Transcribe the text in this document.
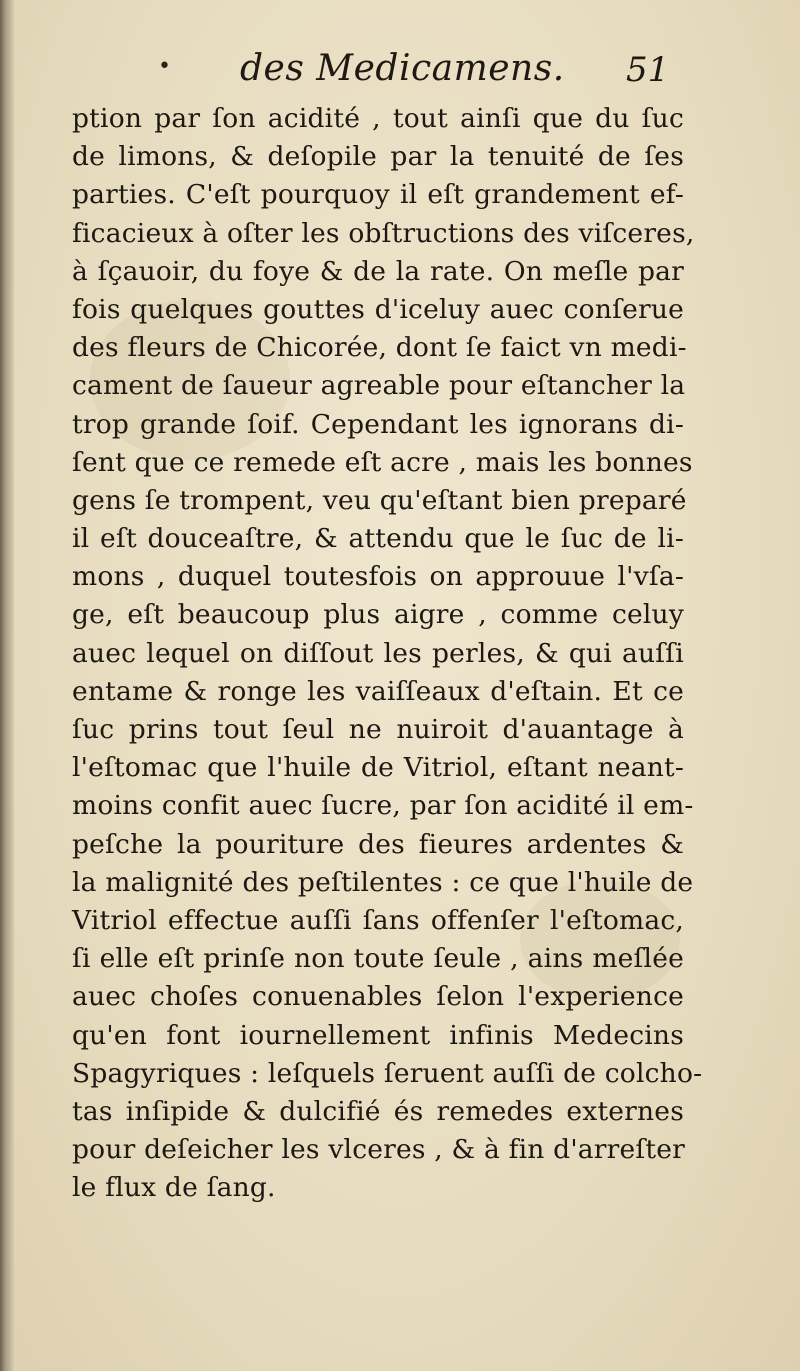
• des Medicamens. 51
ption par ſon acidité , tout ainſi que du ſuc
de limons, & deſopile par la tenuité de ſes
parties. C'eſt pourquoy il eſt grandement ef-
ficacieux à oſter les obſtructions des viſceres,
à ſçauoir, du foye & de la rate. On meſle par
fois quelques gouttes d'iceluy auec conſerue
des fleurs de Chicorée, dont ſe faict vn medi-
cament de ſaueur agreable pour eſtancher la
trop grande ſoif. Cependant les ignorans di-
ſent que ce remede eſt acre , mais les bonnes
gens ſe trompent, veu qu'eſtant bien preparé
il eſt douceaſtre, & attendu que le ſuc de li-
mons , duquel toutesfois on approuue l'vſa-
ge, eſt beaucoup plus aigre , comme celuy
auec lequel on diſſout les perles, & qui auſſi
entame & ronge les vaiſſeaux d'eſtain. Et ce
ſuc prins tout ſeul ne nuiroit d'auantage à
l'eſtomac que l'huile de Vitriol, eſtant neant-
moins confit auec ſucre, par ſon acidité il em-
peſche la pouriture des fieures ardentes &
la malignité des peſtilentes : ce que l'huile de
Vitriol effectue auſſi ſans offenſer l'eſtomac,
ſi elle eſt prinſe non toute ſeule , ains meſlée
auec choſes conuenables ſelon l'experience
qu'en font iournellement infinis Medecins
Spagyriques : leſquels ſeruent auſſi de colcho-
tas inſipide & dulcifié és remedes externes
pour deſeicher les vlceres , & à fin d'arreſter
le flux de ſang.
